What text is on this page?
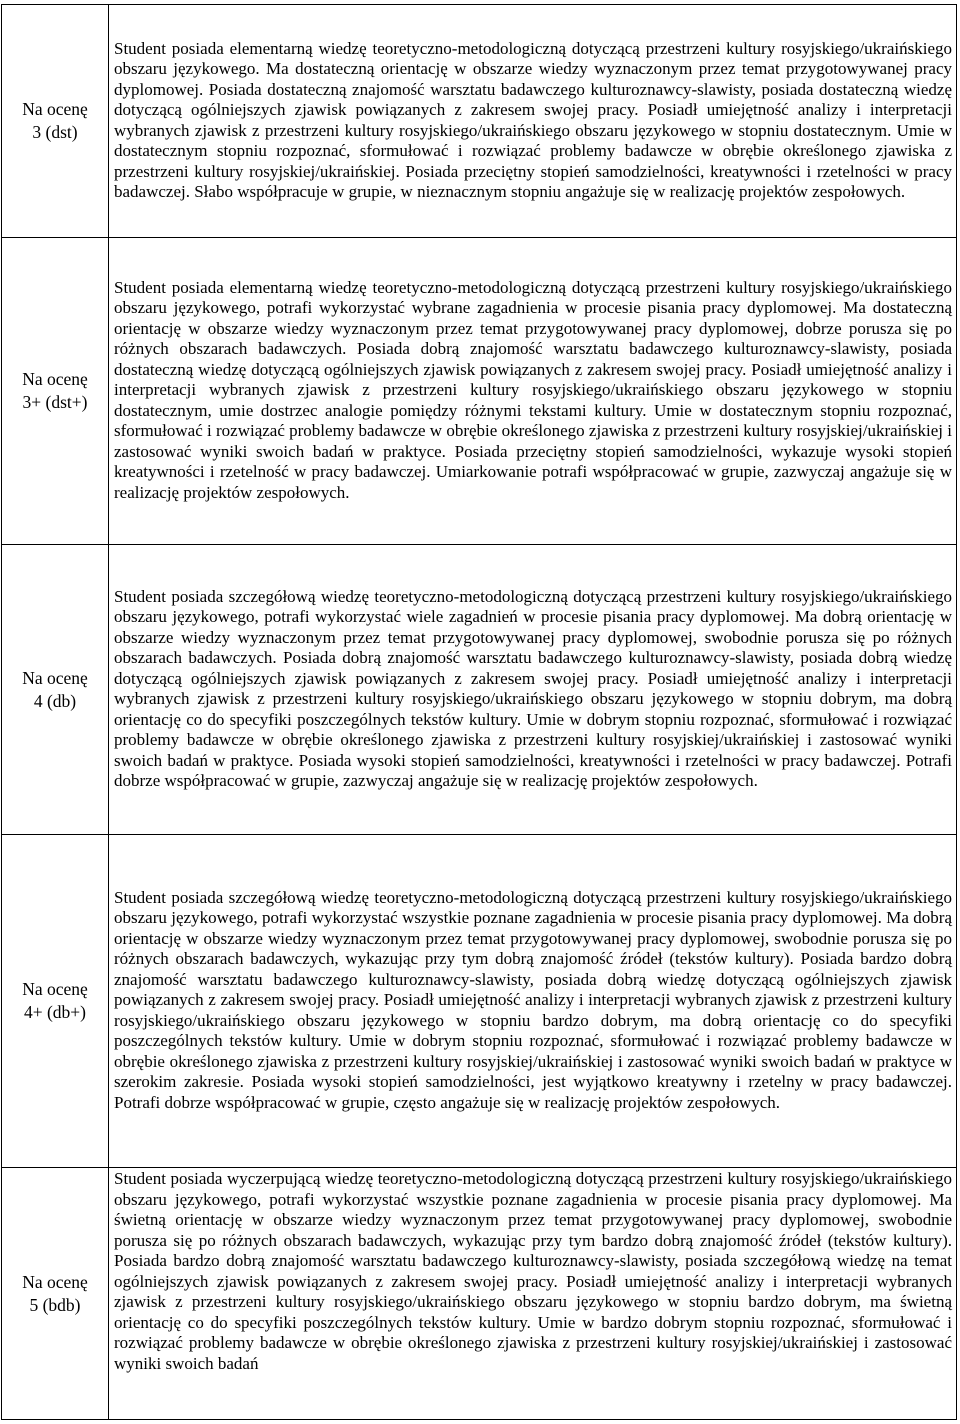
Na ocenę
3 (dst)	Student posiada elementarną wiedzę teoretyczno-metodologiczną dotyczącą przestrzeni kultury rosyjskiego/ukraińskiego obszaru językowego. Ma dostateczną orientację w obszarze wiedzy wyznaczonym przez temat przygotowywanej pracy dyplomowej. Posiada dostateczną znajomość warsztatu badawczego kulturoznawcy-slawisty, posiada dostateczną wiedzę dotyczącą ogólniejszych zjawisk powiązanych z zakresem swojej pracy. Posiadł umiejętność analizy i interpretacji wybranych zjawisk z przestrzeni kultury rosyjskiego/ukraińskiego obszaru językowego w stopniu dostatecznym. Umie w dostatecznym stopniu rozpoznać, sformułować i rozwiązać problemy badawcze w obrębie określonego zjawiska z przestrzeni kultury rosyjskiej/ukraińskiej. Posiada przeciętny stopień samodzielności, kreatywności i rzetelności w pracy badawczej. Słabo współpracuje w grupie, w nieznacznym stopniu angażuje się w realizację projektów zespołowych.

Na ocenę
3+ (dst+)	Student posiada elementarną wiedzę teoretyczno-metodologiczną dotyczącą przestrzeni kultury rosyjskiego/ukraińskiego obszaru językowego, potrafi wykorzystać wybrane zagadnienia w procesie pisania pracy dyplomowej. Ma dostateczną orientację w obszarze wiedzy wyznaczonym przez temat przygotowywanej pracy dyplomowej, dobrze porusza się po różnych obszarach badawczych. Posiada dobrą znajomość warsztatu badawczego kulturoznawcy-slawisty, posiada dostateczną wiedzę dotyczącą ogólniejszych zjawisk powiązanych z zakresem swojej pracy. Posiadł umiejętność analizy i interpretacji wybranych zjawisk z przestrzeni kultury rosyjskiego/ukraińskiego obszaru językowego w stopniu dostatecznym, umie dostrzec analogie pomiędzy różnymi tekstami kultury. Umie w dostatecznym stopniu rozpoznać, sformułować i rozwiązać problemy badawcze w obrębie określonego zjawiska z przestrzeni kultury rosyjskiej/ukraińskiej i zastosować wyniki swoich badań w praktyce. Posiada przeciętny stopień samodzielności, wykazuje wysoki stopień kreatywności i rzetelność w pracy badawczej. Umiarkowanie potrafi współpracować w grupie, zazwyczaj angażuje się w realizację projektów zespołowych.

Na ocenę
4 (db)	Student posiada szczegółową wiedzę teoretyczno-metodologiczną dotyczącą przestrzeni kultury rosyjskiego/ukraińskiego obszaru językowego, potrafi wykorzystać wiele zagadnień w procesie pisania pracy dyplomowej. Ma dobrą orientację w obszarze wiedzy wyznaczonym przez temat przygotowywanej pracy dyplomowej, swobodnie porusza się po różnych obszarach badawczych. Posiada dobrą znajomość warsztatu badawczego kulturoznawcy-slawisty, posiada dobrą wiedzę dotyczącą ogólniejszych zjawisk powiązanych z zakresem swojej pracy. Posiadł umiejętność analizy i interpretacji wybranych zjawisk z przestrzeni kultury rosyjskiego/ukraińskiego obszaru językowego w stopniu dobrym, ma dobrą orientację co do specyfiki poszczególnych tekstów kultury. Umie w dobrym stopniu rozpoznać, sformułować i rozwiązać problemy badawcze w obrębie określonego zjawiska z przestrzeni kultury rosyjskiej/ukraińskiej i zastosować wyniki swoich badań w praktyce. Posiada wysoki stopień samodzielności, kreatywności i rzetelności w pracy badawczej. Potrafi dobrze współpracować w grupie, zazwyczaj angażuje się w realizację projektów zespołowych.

Na ocenę
4+ (db+)	Student posiada szczegółową wiedzę teoretyczno-metodologiczną dotyczącą przestrzeni kultury rosyjskiego/ukraińskiego obszaru językowego, potrafi wykorzystać wszystkie poznane zagadnienia w procesie pisania pracy dyplomowej. Ma dobrą orientację w obszarze wiedzy wyznaczonym przez temat przygotowywanej pracy dyplomowej, swobodnie porusza się po różnych obszarach badawczych, wykazując przy tym dobrą znajomość źródeł (tekstów kultury). Posiada bardzo dobrą znajomość warsztatu badawczego kulturoznawcy-slawisty, posiada dobrą wiedzę dotyczącą ogólniejszych zjawisk powiązanych z zakresem swojej pracy. Posiadł umiejętność analizy i interpretacji wybranych zjawisk z przestrzeni kultury rosyjskiego/ukraińskiego obszaru językowego w stopniu bardzo dobrym, ma dobrą orientację co do specyfiki poszczególnych tekstów kultury. Umie w dobrym stopniu rozpoznać, sformułować i rozwiązać problemy badawcze w obrębie określonego zjawiska z przestrzeni kultury rosyjskiej/ukraińskiej i zastosować wyniki swoich badań w praktyce w szerokim zakresie. Posiada wysoki stopień samodzielności, jest wyjątkowo kreatywny i rzetelny w pracy badawczej. Potrafi dobrze współpracować w grupie, często angażuje się w realizację projektów zespołowych.

Na ocenę
5 (bdb)	Student posiada wyczerpującą wiedzę teoretyczno-metodologiczną dotyczącą przestrzeni kultury rosyjskiego/ukraińskiego obszaru językowego, potrafi wykorzystać wszystkie poznane zagadnienia w procesie pisania pracy dyplomowej. Ma świetną orientację w obszarze wiedzy wyznaczonym przez temat przygotowywanej pracy dyplomowej, swobodnie porusza się po różnych obszarach badawczych, wykazując przy tym bardzo dobrą znajomość źródeł (tekstów kultury). Posiada bardzo dobrą znajomość warsztatu badawczego kulturoznawcy-slawisty, posiada szczegółową wiedzę na temat ogólniejszych zjawisk powiązanych z zakresem swojej pracy. Posiadł umiejętność analizy i interpretacji wybranych zjawisk z przestrzeni kultury rosyjskiego/ukraińskiego obszaru językowego w stopniu bardzo dobrym, ma świetną orientację co do specyfiki poszczególnych tekstów kultury. Umie w bardzo dobrym stopniu rozpoznać, sformułować i rozwiązać problemy badawcze w obrębie określonego zjawiska z przestrzeni kultury rosyjskiej/ukraińskiej i zastosować wyniki swoich badań
